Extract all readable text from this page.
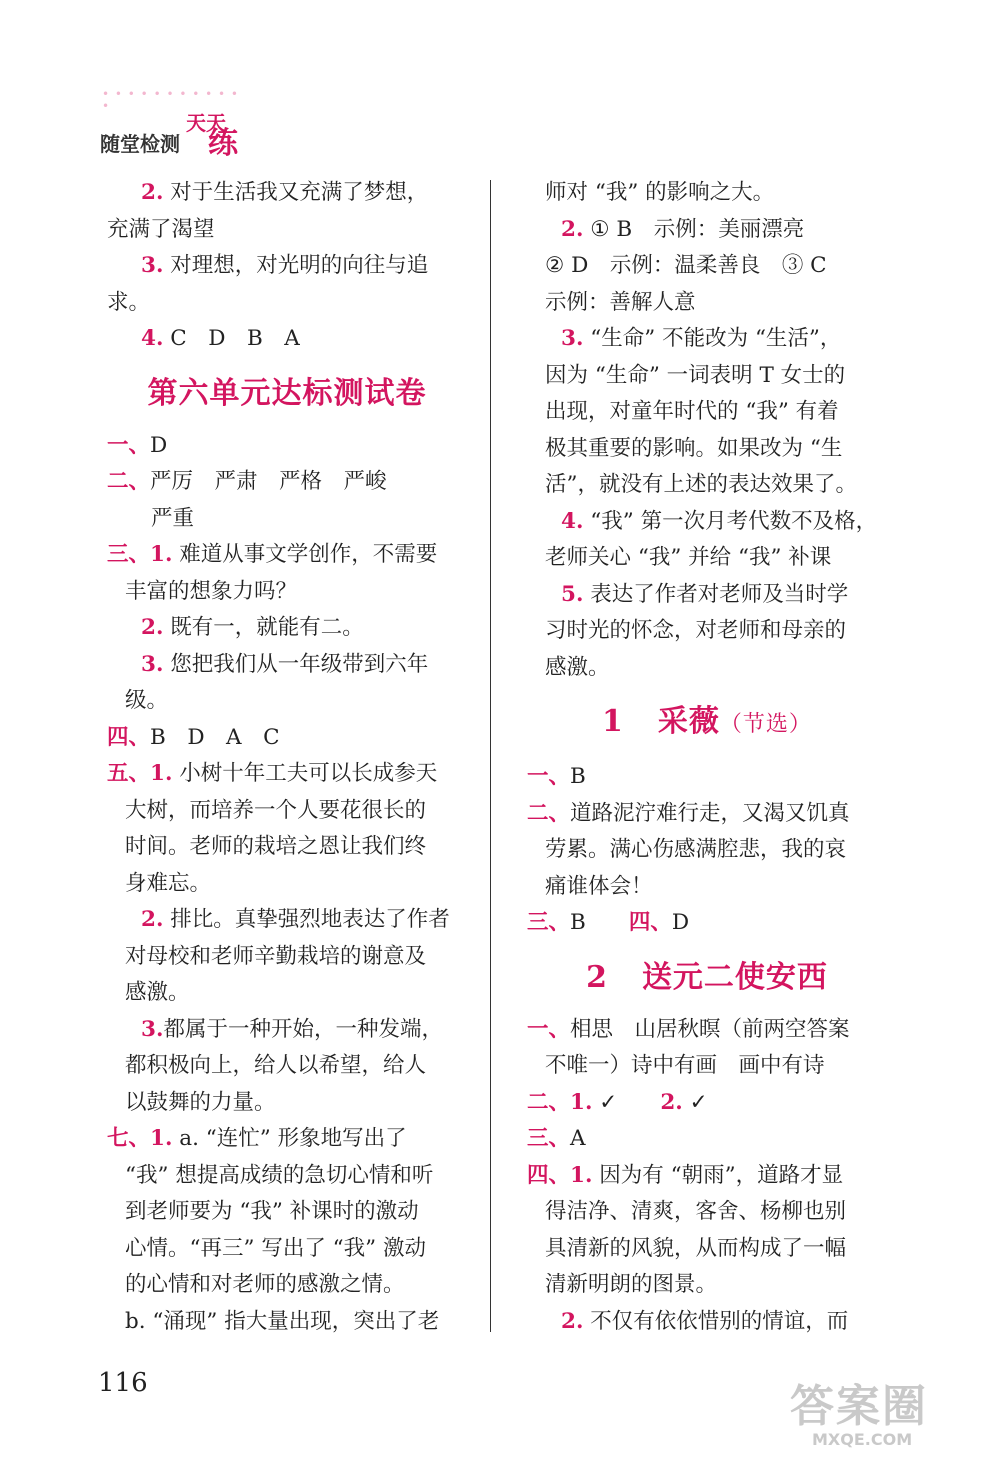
• • • • • • • • • • • •
随堂检测
天天
练
2. 对于生活我又充满了梦想，
充满了渴望
3. 对理想，对光明的向往与追
求。
4. C　D　B　A
第六单元达标测试卷
一、D
二、严厉　严肃　严格　严峻
严重
三、1. 难道从事文学创作，不需要
丰富的想象力吗？
2. 既有一，就能有二。
3. 您把我们从一年级带到六年
级。
四、B　D　A　C
五、1. 小树十年工夫可以长成参天
大树，而培养一个人要花很长的
时间。老师的栽培之恩让我们终
身难忘。
2. 排比。真挚强烈地表达了作者
对母校和老师辛勤栽培的谢意及
感激。
3.都属于一种开始，一种发端，
都积极向上，给人以希望，给人
以鼓舞的力量。
七、1. a. “连忙” 形象地写出了
“我” 想提高成绩的急切心情和听
到老师要为 “我” 补课时的激动
心情。“再三” 写出了 “我” 激动
的心情和对老师的感激之情。
b. “涌现” 指大量出现，突出了老
师对 “我” 的影响之大。
2. ① B　示例：美丽漂亮
② D　示例：温柔善良　③ C
示例：善解人意
3. “生命” 不能改为 “生活”，
因为 “生命” 一词表明 T 女士的
出现，对童年时代的 “我” 有着
极其重要的影响。如果改为 “生
活”，就没有上述的表达效果了。
4. “我” 第一次月考代数不及格，
老师关心 “我” 并给 “我” 补课
5. 表达了作者对老师及当时学
习时光的怀念，对老师和母亲的
感激。
1 采薇（节选）
一、B
二、道路泥泞难行走，又渴又饥真
劳累。满心伤感满腔悲，我的哀
痛谁体会！
三、B　　四、D
2 送元二使安西
一、相思　山居秋暝（前两空答案
不唯一）诗中有画　画中有诗
二、1. ✓　　2. ✓
三、A
四、1. 因为有 “朝雨”，道路才显
得洁净、清爽，客舍、杨柳也别
具清新的风貌，从而构成了一幅
清新明朗的图景。
2. 不仅有依依惜别的情谊，而
116	答案圈
MXQE.COM
